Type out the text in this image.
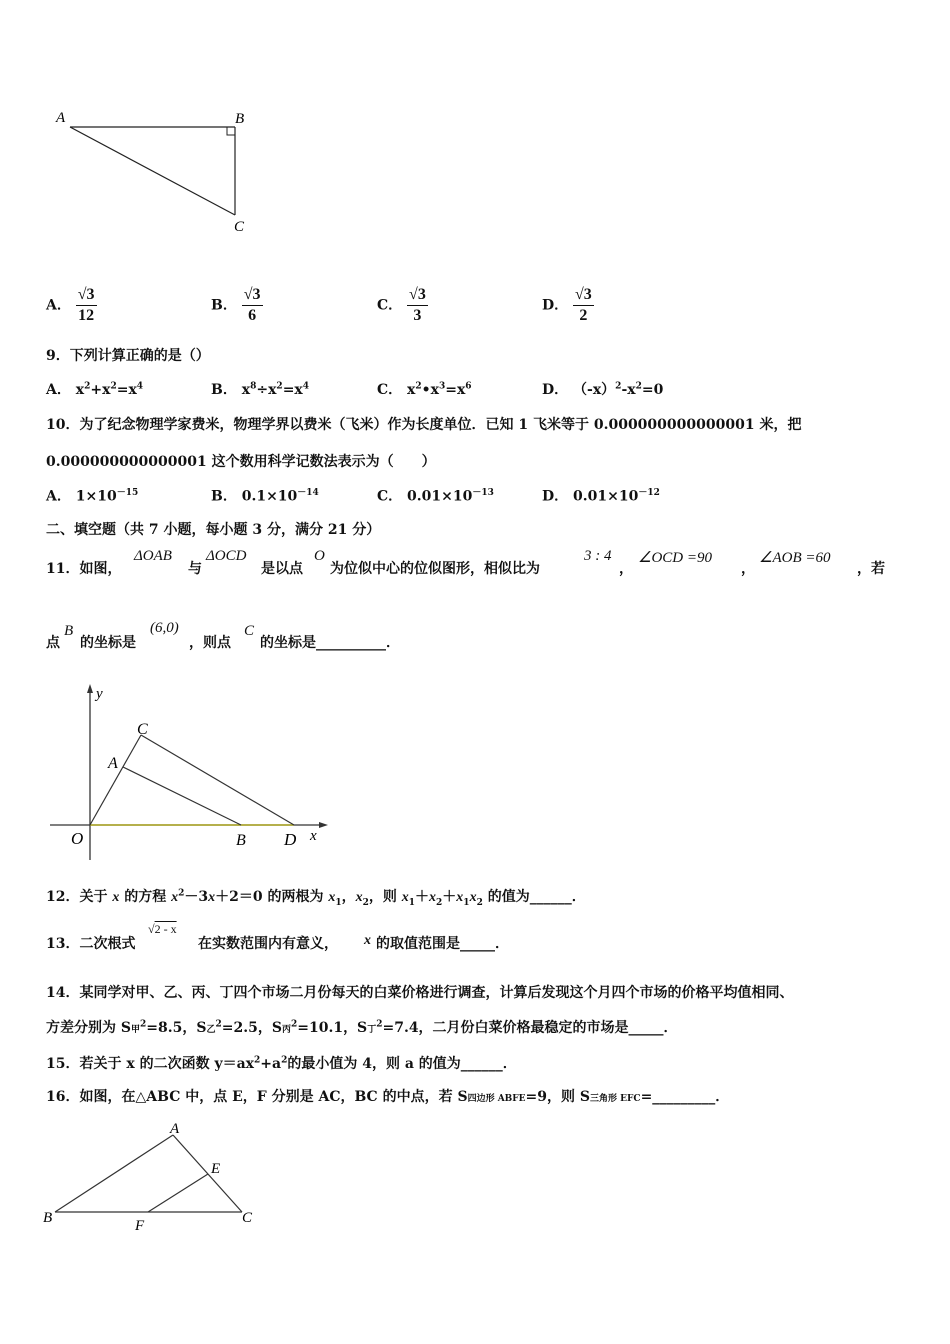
A	B
C
A． $\frac{√3}{12}$	B． $\frac{√3}{6}$	C． $\frac{√3}{3}$	D． $\frac{√3}{2}$
9．下列计算正确的是（）
A． $x^2+x^2=x^4$	B． $x^8\div x^2=x^4$	C． $x^2•x^3=x^6$	D． $(-x)^2-x^2=0$
10．为了纪念物理学家费米，物理学界以费米（飞米）作为长度单位．已知 1 飞米等于 0.000000000000001 米，把
0.000000000000001 这个数用科学记数法表示为（　　）
A． $1\times 10^{-15}$	B． $0.1\times 10^{-14}$	C． $0.01\times 10^{-13}$	D． $0.01\times 10^{-12}$
二、填空题（共 7 小题，每小题 3 分，满分 21 分）
11．如图，
ΔOAB
与
ΔOCD
是以点
O
为位似中心的位似图形，相似比为
3 : 4
，
∠OCD =90
，
∠AOB =60
，若
点
B
的坐标是
(6,0)
，则点
C
的坐标是__________．
y
x
O
A
C
B D
12．关于 x 的方程 $x^2-3x+2=0$ 的两根为 $x_1$，$x_2$，则 $x_1+x_2+x_1x_2$ 的值为______．
13．二次根式
√2 - x
在实数范围内有意义， x 的取值范围是_____．
14．某同学对甲、乙、丙、丁四个市场二月份每天的白菜价格进行调查，计算后发现这个月四个市场的价格平均值相同、
方差分别为 S甲$^2$=8.5，S乙$^2$=2.5，S丙$^2$=10.1，S丁$^2$=7.4，二月份白菜价格最稳定的市场是_____．
15．若关于 x 的二次函数 $y=ax^2+a^2$的最小值为 4，则 a 的值为______．
16．如图，在△ABC 中，点 E，F 分别是 AC，BC 的中点，若 S四边形 ABFE=9，则 S三角形 EFC=_________．
A
B	C
E
F
